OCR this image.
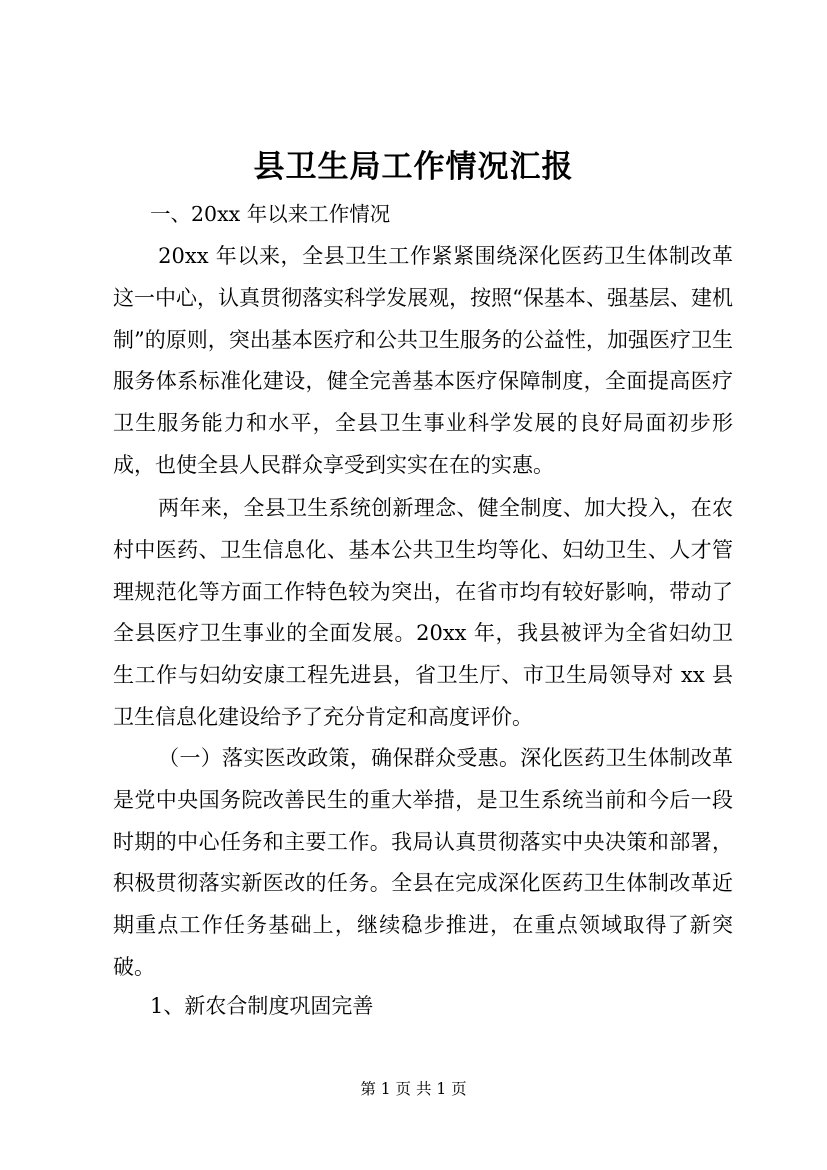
县卫生局工作情况汇报
一、20xx 年以来工作情况

20xx 年以来，全县卫生工作紧紧围绕深化医药卫生体制改革这一中心，认真贯彻落实科学发展观，按照“保基本、强基层、建机制”的原则，突出基本医疗和公共卫生服务的公益性，加强医疗卫生服务体系标准化建设，健全完善基本医疗保障制度，全面提高医疗卫生服务能力和水平，全县卫生事业科学发展的良好局面初步形成，也使全县人民群众享受到实实在在的实惠。

两年来，全县卫生系统创新理念、健全制度、加大投入，在农村中医药、卫生信息化、基本公共卫生均等化、妇幼卫生、人才管理规范化等方面工作特色较为突出，在省市均有较好影响，带动了全县医疗卫生事业的全面发展。20xx 年，我县被评为全省妇幼卫生工作与妇幼安康工程先进县，省卫生厅、市卫生局领导对 xx 县卫生信息化建设给予了充分肯定和高度评价。

（一）落实医改政策，确保群众受惠。深化医药卫生体制改革是党中央国务院改善民生的重大举措，是卫生系统当前和今后一段时期的中心任务和主要工作。我局认真贯彻落实中央决策和部署，积极贯彻落实新医改的任务。全县在完成深化医药卫生体制改革近期重点工作任务基础上，继续稳步推进，在重点领域取得了新突破。

1、新农合制度巩固完善
第 1 页 共 1 页
